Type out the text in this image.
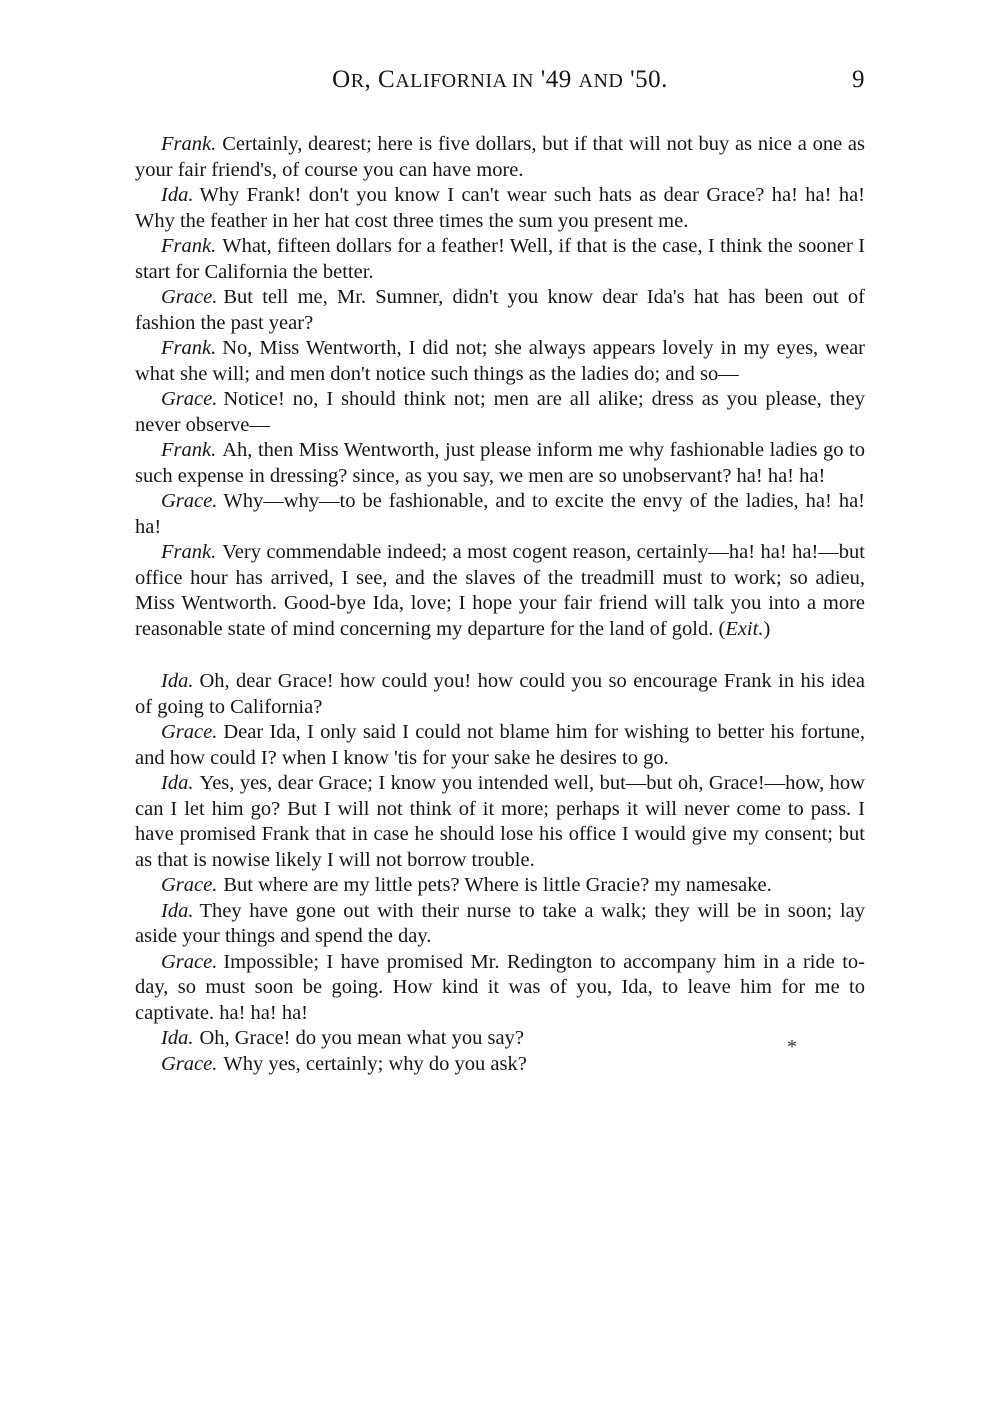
OR, CALIFORNIA IN '49 AND '50.	9

Frank. Certainly, dearest; here is five dollars, but if that will not buy as nice a one as your fair friend's, of course you can have more.

Ida. Why Frank! don't you know I can't wear such hats as dear Grace? ha! ha! ha! Why the feather in her hat cost three times the sum you present me.

Frank. What, fifteen dollars for a feather! Well, if that is the case, I think the sooner I start for California the better.

Grace. But tell me, Mr. Sumner, didn't you know dear Ida's hat has been out of fashion the past year?

Frank. No, Miss Wentworth, I did not; she always appears lovely in my eyes, wear what she will; and men don't notice such things as the ladies do; and so—

Grace. Notice! no, I should think not; men are all alike; dress as you please, they never observe—

Frank. Ah, then Miss Wentworth, just please inform me why fashionable ladies go to such expense in dressing? since, as you say, we men are so unobservant? ha! ha! ha!

Grace. Why—why—to be fashionable, and to excite the envy of the ladies, ha! ha! ha!

Frank. Very commendable indeed; a most cogent reason, certainly—ha! ha! ha!—but office hour has arrived, I see, and the slaves of the treadmill must to work; so adieu, Miss Wentworth. Good-bye Ida, love; I hope your fair friend will talk you into a more reasonable state of mind concerning my departure for the land of gold. (Exit.)

Ida. Oh, dear Grace! how could you! how could you so encourage Frank in his idea of going to California?

Grace. Dear Ida, I only said I could not blame him for wishing to better his fortune, and how could I? when I know 'tis for your sake he desires to go.

Ida. Yes, yes, dear Grace; I know you intended well, but—but oh, Grace!—how, how can I let him go? But I will not think of it more; perhaps it will never come to pass. I have promised Frank that in case he should lose his office I would give my consent; but as that is nowise likely I will not borrow trouble.

Grace. But where are my little pets? Where is little Gracie? my namesake.

Ida. They have gone out with their nurse to take a walk; they will be in soon; lay aside your things and spend the day.

Grace. Impossible; I have promised Mr. Redington to accompany him in a ride to-day, so must soon be going. How kind it was of you, Ida, to leave him for me to captivate. ha! ha! ha!

Ida. Oh, Grace! do you mean what you say?

Grace. Why yes, certainly; why do you ask?

*
